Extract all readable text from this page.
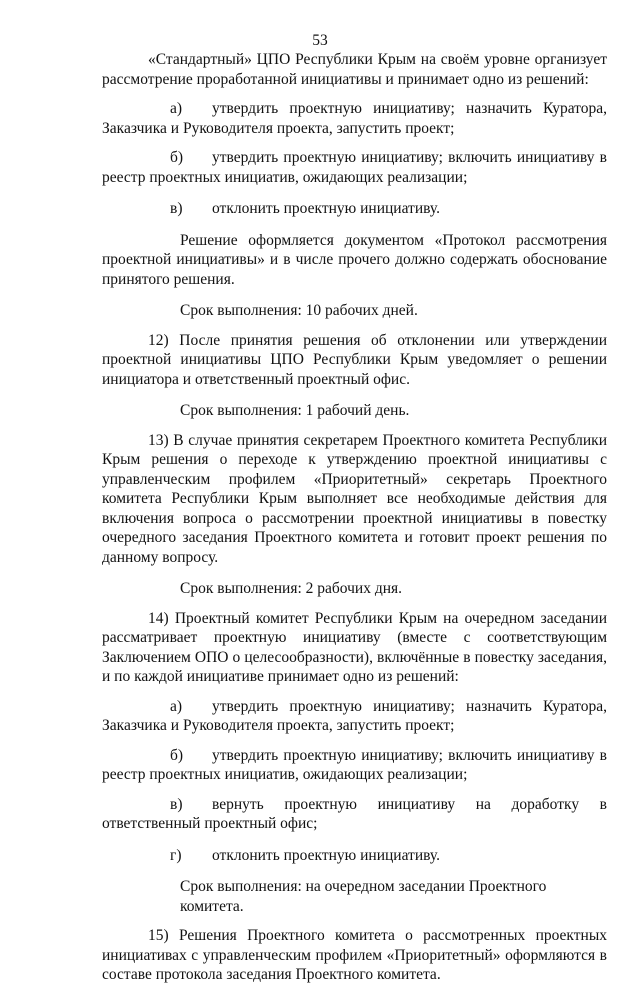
53

«Стандартный» ЦПО Республики Крым на своём уровне организует рассмотрение проработанной инициативы и принимает одно из решений:

а) утвердить проектную инициативу; назначить Куратора, Заказчика и Руководителя проекта, запустить проект;

б) утвердить проектную инициативу; включить инициативу в реестр проектных инициатив, ожидающих реализации;

в) отклонить проектную инициативу.

Решение оформляется документом «Протокол рассмотрения проектной инициативы» и в числе прочего должно содержать обоснование принятого решения.

Срок выполнения: 10 рабочих дней.

12) После принятия решения об отклонении или утверждении проектной инициативы ЦПО Республики Крым уведомляет о решении инициатора и ответственный проектный офис.

Срок выполнения: 1 рабочий день.

13) В случае принятия секретарем Проектного комитета Республики Крым решения о переходе к утверждению проектной инициативы с управленческим профилем «Приоритетный» секретарь Проектного комитета Республики Крым выполняет все необходимые действия для включения вопроса о рассмотрении проектной инициативы в повестку очередного заседания Проектного комитета и готовит проект решения по данному вопросу.

Срок выполнения: 2 рабочих дня.

14) Проектный комитет Республики Крым на очередном заседании рассматривает проектную инициативу (вместе с соответствующим Заключением ОПО о целесообразности), включённые в повестку заседания, и по каждой инициативе принимает одно из решений:

а) утвердить проектную инициативу; назначить Куратора, Заказчика и Руководителя проекта, запустить проект;

б) утвердить проектную инициативу; включить инициативу в реестр проектных инициатив, ожидающих реализации;

в) вернуть проектную инициативу на доработку в ответственный проектный офис;

г) отклонить проектную инициативу.

Срок выполнения: на очередном заседании Проектного комитета.

15) Решения Проектного комитета о рассмотренных проектных инициативах с управленческим профилем «Приоритетный» оформляются в составе протокола заседания Проектного комитета.
